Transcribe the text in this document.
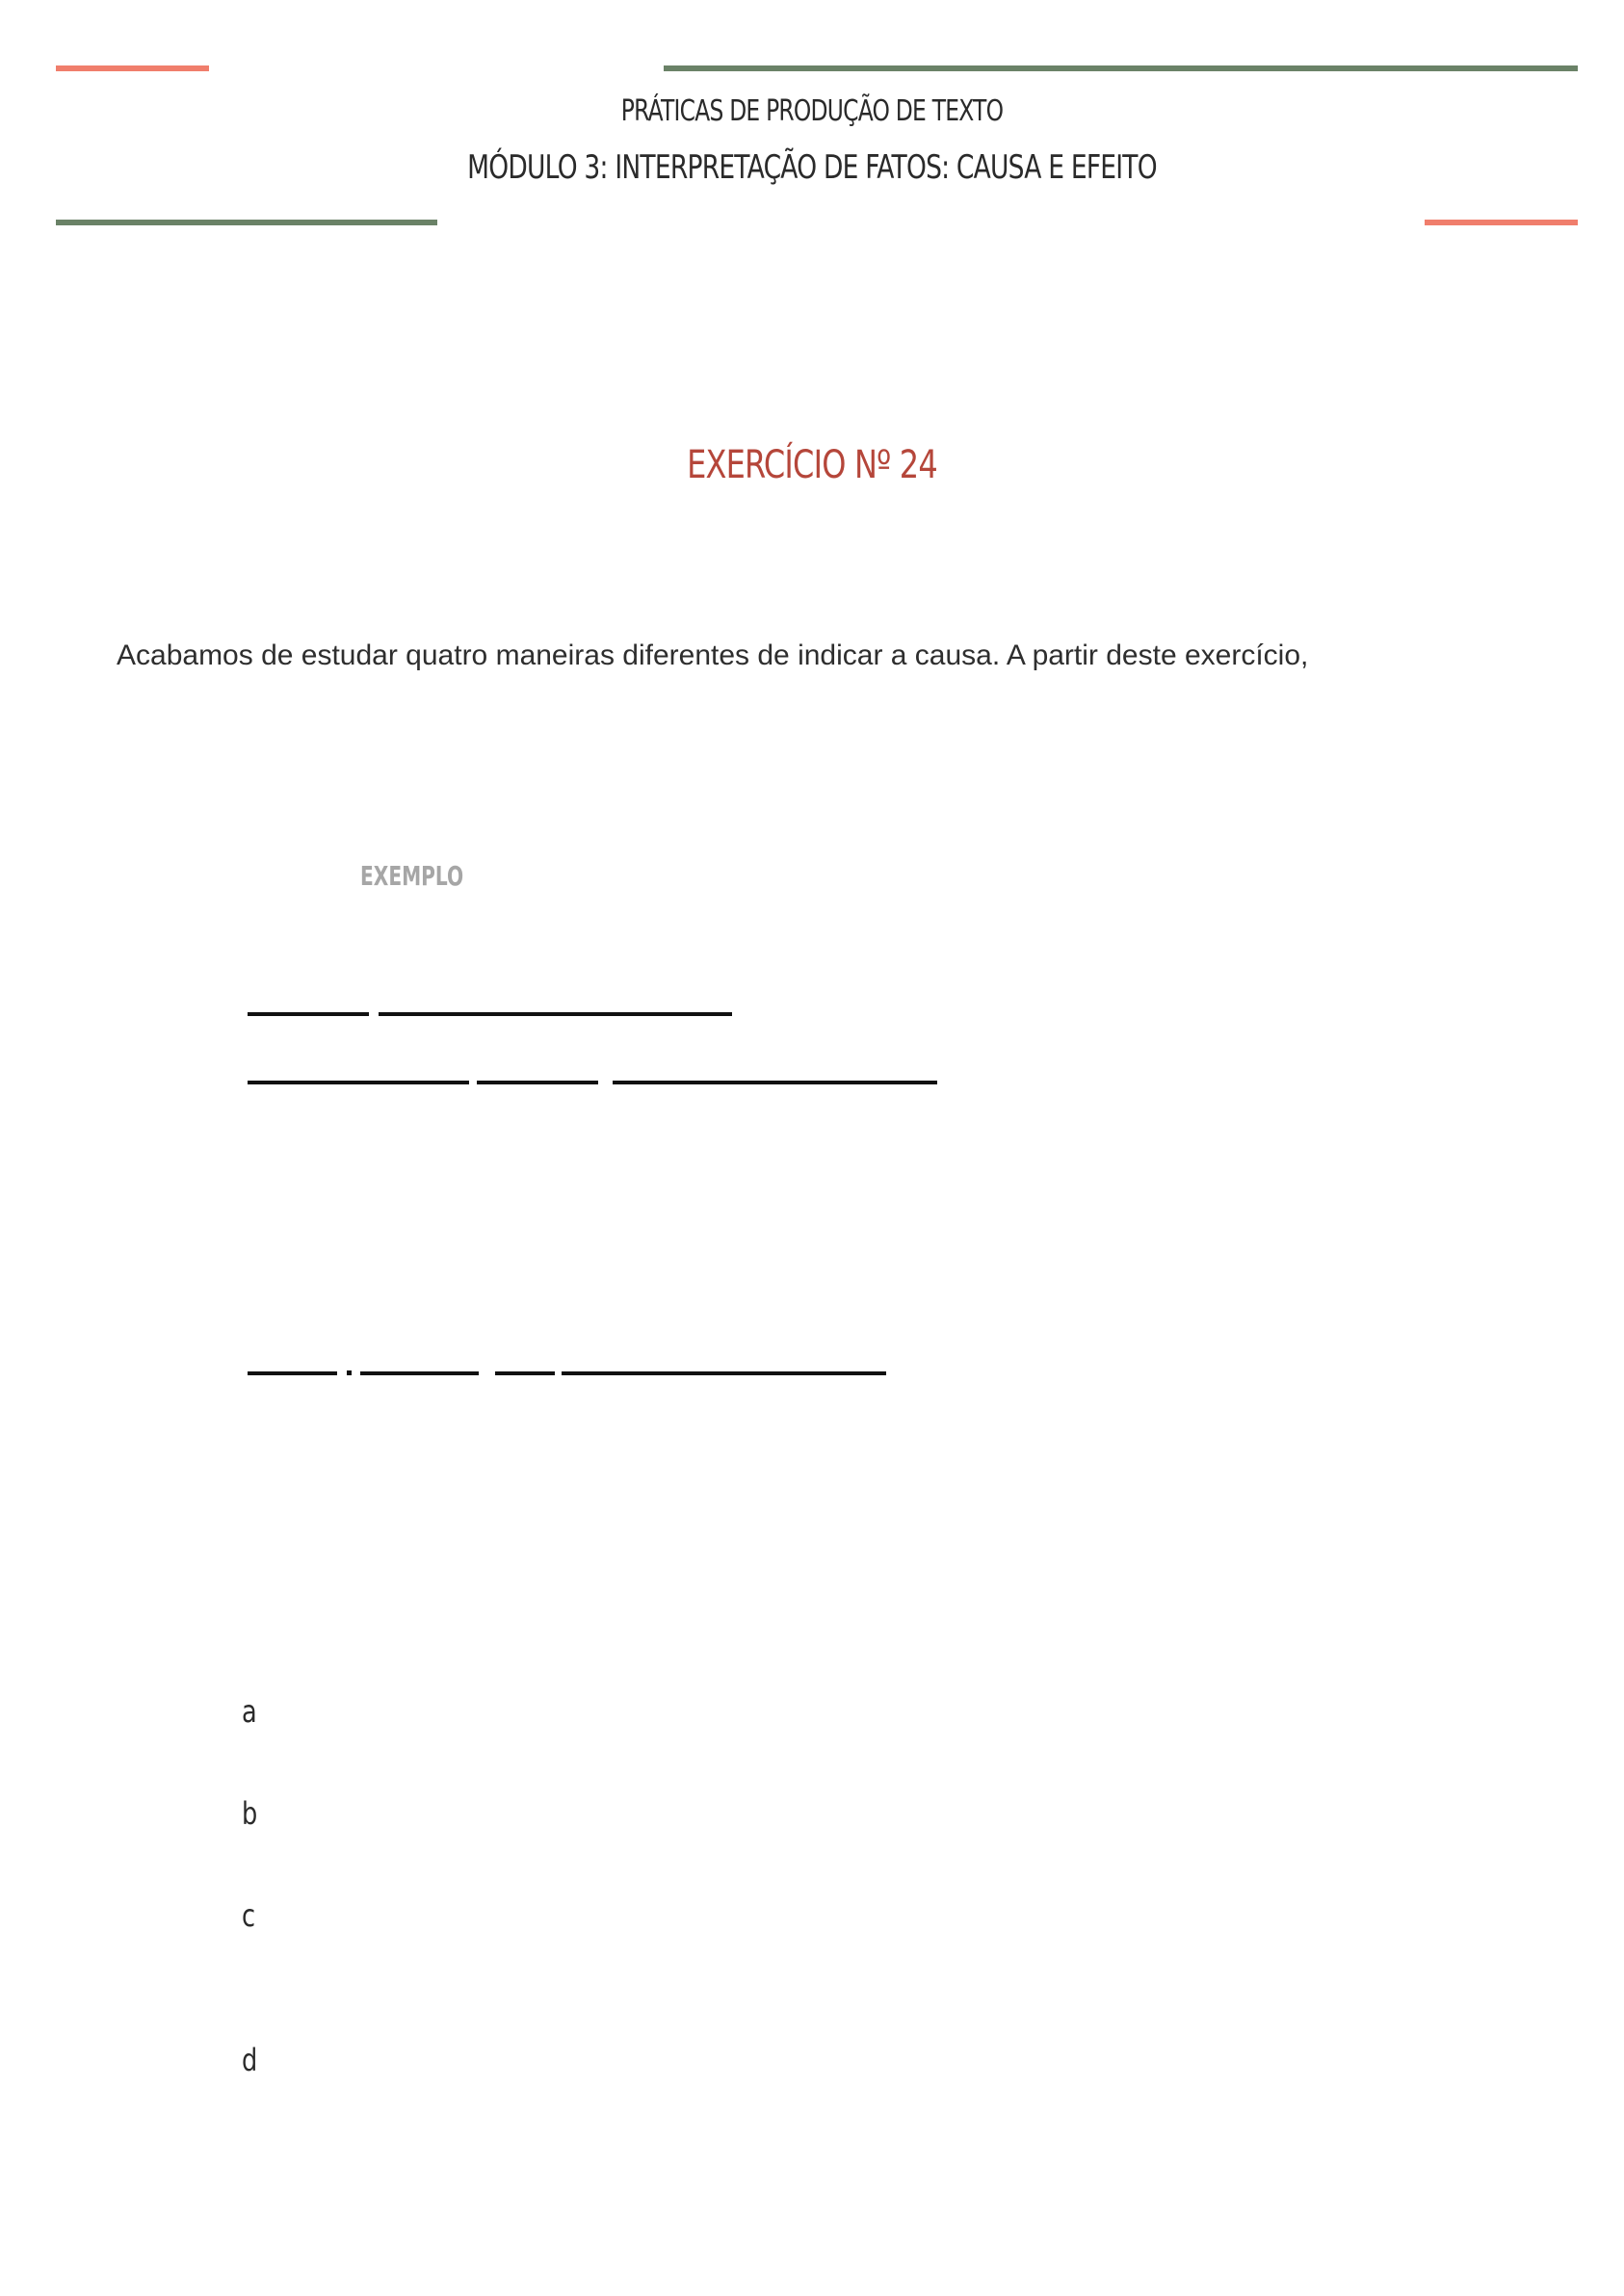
PRÁTICAS DE PRODUÇÃO DE TEXTO

MÓDULO 3: INTERPRETAÇÃO DE FATOS: CAUSA E EFEITO

EXERCÍCIO Nº 24

Acabamos de estudar quatro maneiras diferentes de indicar a causa. A partir deste exercício,

EXEMPLO
a
b
c
d
